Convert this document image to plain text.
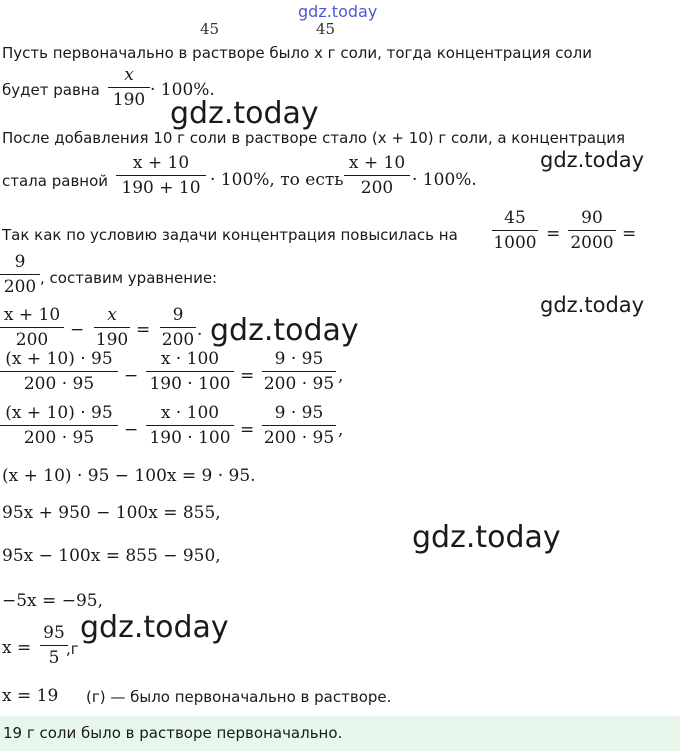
gdz.today
45	45
Пусть первоначально в растворе было x г соли, тогда концентрация соли
будет равна
x
190 · 100%.
gdz.today
После добавления 10 г соли в растворе стало (x + 10) г соли, а концентрация
gdz.today
стала равной
x + 10
190 + 10 · 100%, то есть
x + 10
200	· 100%.
Так как по условию задачи концентрация повысилась на
45
1000 =
90
2000 =
9
200 , составим уравнение:
gdz.today
x + 10
200	−
x
190 =
9
200 . gdz.today
(x + 10) · 95
200 · 95	−
x · 100
190 · 100 =
9 · 95
200 · 95 ,
(x + 10) · 95
200 · 95	−
x · 100
190 · 100 =
9 · 95
200 · 95 ,
(x + 10) · 95 − 100x = 9 · 95.
95x + 950 − 100x = 855,
gdz.today
95x − 100x = 855 − 950,
−5x = −95,
x =
95
5 ,г
gdz.today
x = 19 (г) — было первоначально в растворе.
19 г соли было в растворе первоначально.
